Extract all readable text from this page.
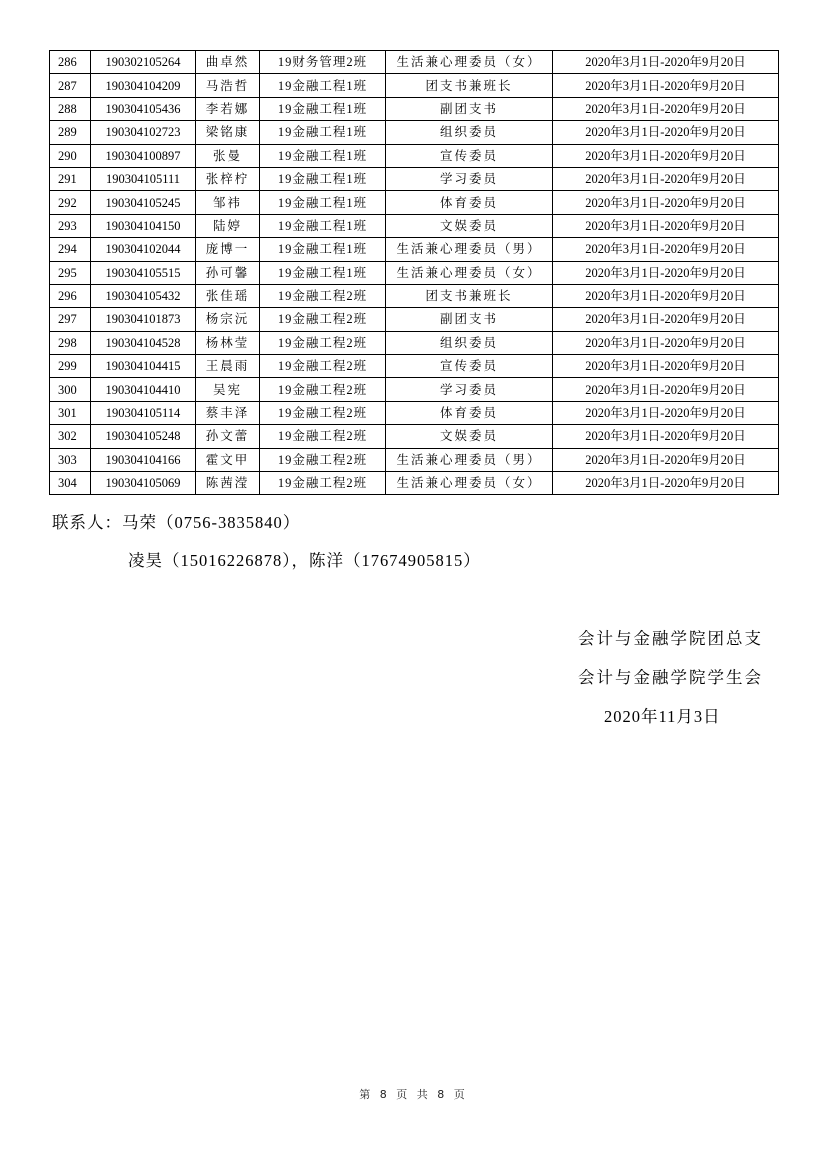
286	190302105264	曲卓然	19财务管理2班	生活兼心理委员（女）	2020年3月1日-2020年9月20日
287	190304104209	马浩哲	19金融工程1班	团支书兼班长	2020年3月1日-2020年9月20日
288	190304105436	李若娜	19金融工程1班	副团支书	2020年3月1日-2020年9月20日
289	190304102723	梁铭康	19金融工程1班	组织委员	2020年3月1日-2020年9月20日
290	190304100897	张曼	19金融工程1班	宣传委员	2020年3月1日-2020年9月20日
291	190304105111	张梓柠	19金融工程1班	学习委员	2020年3月1日-2020年9月20日
292	190304105245	邹祎	19金融工程1班	体育委员	2020年3月1日-2020年9月20日
293	190304104150	陆婷	19金融工程1班	文娱委员	2020年3月1日-2020年9月20日
294	190304102044	庞博一	19金融工程1班	生活兼心理委员（男）	2020年3月1日-2020年9月20日
295	190304105515	孙可馨	19金融工程1班	生活兼心理委员（女）	2020年3月1日-2020年9月20日
296	190304105432	张佳瑶	19金融工程2班	团支书兼班长	2020年3月1日-2020年9月20日
297	190304101873	杨宗沅	19金融工程2班	副团支书	2020年3月1日-2020年9月20日
298	190304104528	杨林莹	19金融工程2班	组织委员	2020年3月1日-2020年9月20日
299	190304104415	王晨雨	19金融工程2班	宣传委员	2020年3月1日-2020年9月20日
300	190304104410	吴宪	19金融工程2班	学习委员	2020年3月1日-2020年9月20日
301	190304105114	蔡丰泽	19金融工程2班	体育委员	2020年3月1日-2020年9月20日
302	190304105248	孙文蕾	19金融工程2班	文娱委员	2020年3月1日-2020年9月20日
303	190304104166	霍文甲	19金融工程2班	生活兼心理委员（男）	2020年3月1日-2020年9月20日
304	190304105069	陈茜滢	19金融工程2班	生活兼心理委员（女）	2020年3月1日-2020年9月20日
联系人：马荣（0756-3835840）
凌昊（15016226878），陈洋（17674905815）
会计与金融学院团总支
会计与金融学院学生会
2020年11月3日
第 8 页 共 8 页
